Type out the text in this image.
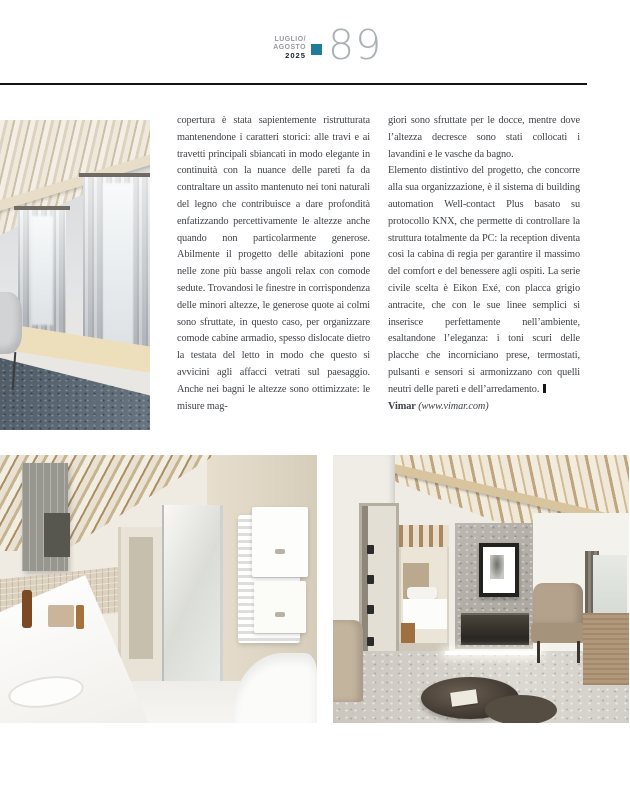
LUGLIO/
AGOSTO
2025 89

copertura è stata sapientemente ristrutturata mantenendone i caratteri storici: alle travi e ai travetti principali sbiancati in modo elegante in continuità con la nuance delle pareti fa da contraltare un assito mantenuto nei toni naturali del legno che contribuisce a dare profondità enfatizzando percettivamente le altezze anche quando non particolarmente generose. Abilmente il progetto delle abitazioni pone nelle zone più basse angoli relax con comode sedute. Trovandosi le finestre in corrispondenza delle minori altezze, le generose quote ai colmi sono sfruttate, in questo caso, per organizzare comode cabine armadio, spesso dislocate dietro la testata del letto in modo che questo si avvicini agli affacci vetrati sul paesaggio. Anche nei bagni le altezze sono ottimizzate: le misure mag-

giori sono sfruttate per le docce, mentre dove l’altezza decresce sono stati collocati i lavandini e le vasche da bagno.

Elemento distintivo del progetto, che concorre alla sua organizzazione, è il sistema di building automation Well-contact Plus basato su protocollo KNX, che permette di controllare la struttura totalmente da PC: la reception diventa così la cabina di regia per garantire il massimo del comfort e del benessere agli ospiti. La serie civile scelta è Eikon Exé, con placca grigio antracite, che con le sue linee semplici si inserisce perfettamente nell’ambiente, esaltandone l’eleganza: i toni scuri delle placche che incorniciano prese, termostati, pulsanti e sensori si armonizzano con quelli neutri delle pareti e dell’arredamento.

Vimar (www.vimar.com)
